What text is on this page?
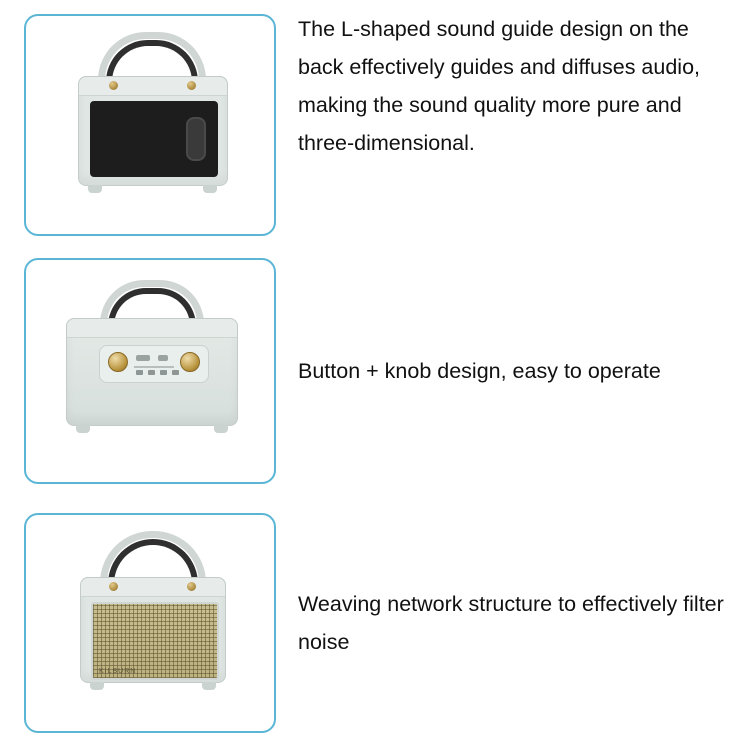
The L-shaped sound guide design on the back effectively guides and diffuses audio, making the sound quality more pure and three-dimensional.
Button + knob design, easy to operate
KILBURN
Weaving network structure to effectively filter noise
